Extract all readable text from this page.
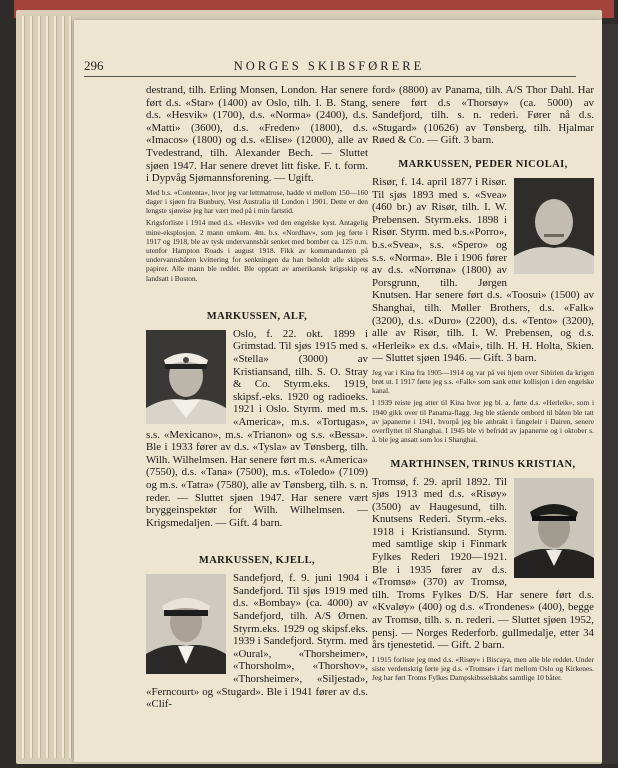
296	NORGES SKIBSFØRERE

destrand, tilh. Erling Monsen, London. Har senere ført d.s. «Star» (1400) av Oslo, tilh. I. B. Stang, d.s. «Hesvik» (1700), d.s. «Norma» (2400), d.s. «Matti» (3600), d.s. «Freden» (1800), d.s. «Imacos» (1800) og d.s. «Elise» (12000), alle av Tvedestrand, tilh. Alexander Bech. — Sluttet sjøen 1947. Har senere drevet litt fiske. F. t. form. i Dypvåg Sjømannsforening. — Ugift.

Med b.s. «Contenta», hvor jeg var lettmatrose, hadde vi mellom 150—160 dager i sjøen fra Bunbury, Vest Australia til London i 1901. Dette er den lengste sjøreise jeg har vært med på i min fartstid.

Krigsforliste i 1914 med d.s. «Hesvik» ved den engelske kyst. Antagelig mine-eksplosjon. 2 mann omkom. 4m. b.s. «Nordhav», som jeg førte i 1917 og 1918, ble av tysk undervannsbåt senket med bomber ca. 125 n.m. utenfor Hampton Roads i august 1918. Fikk av kommandanten på undervannsbåten kvittering for senkningen da han beholdt alle skipets papirer. Alle mann ble reddet. Ble opptatt av amerikansk krigsskip og landsatt i Boston.

MARKUSSEN, ALF,

Oslo, f. 22. okt. 1899 i Grimstad. Til sjøs 1915 med s. «Stella» (3000) av Kristiansand, tilh. S. O. Stray & Co. Styrm.eks. 1919, skipsf.-eks. 1920 og radioeks. 1921 i Oslo. Styrm. med m.s. «America», m.s. «Tortugas», s.s. «Mexicano», m.s. «Trianon» og s.s. «Bessa». Ble i 1933 fører av d.s. «Tysla» av Tønsberg, tilh. Wilh. Wilhelmsen. Har senere ført m.s. «America» (7550), d.s. «Tana» (7500), m.s. «Toledo» (7109) og m.s. «Tatra» (7580), alle av Tønsberg, tilh. s. n. reder. — Sluttet sjøen 1947. Har senere vært bryggeinspektør for Wilh. Wilhelmsen. — Krigsmedaljen. — Gift. 4 barn.

MARKUSSEN, KJELL,

Sandefjord, f. 9. juni 1904 i Sandefjord. Til sjøs 1919 med d.s. «Bombay» (ca. 4000) av Sandefjord, tilh. A/S Ørnen. Styrm.eks. 1929 og skipsf.eks. 1939 i Sandefjord. Styrm. med «Oural», «Thorsheimer», «Thorsholm», «Thorshov», «Thorsheimer», «Siljestad», «Ferncourt» og «Stugard». Ble i 1941 fører av d.s. «Clif-

ford» (8800) av Panama, tilh. A/S Thor Dahl. Har senere ført d.s «Thorsøy» (ca. 5000) av Sandefjord, tilh. s. n. rederi. Fører nå d.s. «Stugard» (10626) av Tønsberg, tilh. Hjalmar Røed & Co. — Gift. 3 barn.

MARKUSSEN, PEDER NICOLAI,

Risør, f. 14. april 1877 i Risør. Til sjøs 1893 med s. «Svea» (460 br.) av Risør, tilh. I. W. Prebensen. Styrm.eks. 1898 i Risør. Styrm. med b.s.«Porro», b.s.«Svea», s.s. «Spero» og s.s. «Norma». Ble i 1906 fører av d.s. «Norrøna» (1800) av Porsgrunn, tilh. Jørgen Knutsen. Har senere ført d.s. «Toosui» (1500) av Shanghai, tilh. Møller Brothers, d.s. «Falk» (3200), d.s. «Duro» (2200), d.s. «Tento» (3200), alle av Risør, tilh. I. W. Prebensen, og d.s. «Herleik» ex d.s. «Mai», tilh. H. H. Holta, Skien. — Sluttet sjøen 1946. — Gift. 3 barn.

Jeg var i Kina fra 1905—1914 og var på vei hjem over Sibirien da krigen brøt ut. I 1917 førte jeg s.s. «Falk» som sank etter kollisjon i den engelske kanal.

I 1939 reiste jeg atter til Kina hvor jeg bl. a. førte d.s. «Herleik», som i 1940 gikk over til Panama-flagg. Jeg ble stående ombord til båten ble tatt av japanerne i 1941, hvorpå jeg ble anbrakt i fangeleir i Dairen, senere overflyttet til Shanghai. I 1945 ble vi befridd av japanerne og i oktober s. å. ble jeg ansatt som los i Shanghai.

MARTHINSEN, TRINUS KRISTIAN,

Tromsø, f. 29. april 1892. Til sjøs 1913 med d.s. «Risøy» (3500) av Haugesund, tilh. Knutsens Rederi. Styrm.-eks. 1918 i Kristiansund. Styrm. med samtlige skip i Finmark Fylkes Rederi 1920—1921. Ble i 1935 fører av d.s. «Tromsø» (370) av Tromsø, tilh. Troms Fylkes D/S. Har senere ført d.s. «Kvaløy» (400) og d.s. «Trondenes» (400), begge av Tromsø, tilh. s. n. rederi. — Sluttet sjøen 1952, pensj. — Norges Rederforb. gullmedalje, etter 34 års tjenestetid. — Gift. 2 barn.

I 1915 forliste jeg med d.s. «Risøy» i Biscaya, men alle ble reddet. Under siste verdenskrig førte jeg d.s. «Tromsø» i fart mellom Oslo og Kirkenes. Jeg har ført Troms Fylkes Dampskibsselskabs samtlige 10 båter.
